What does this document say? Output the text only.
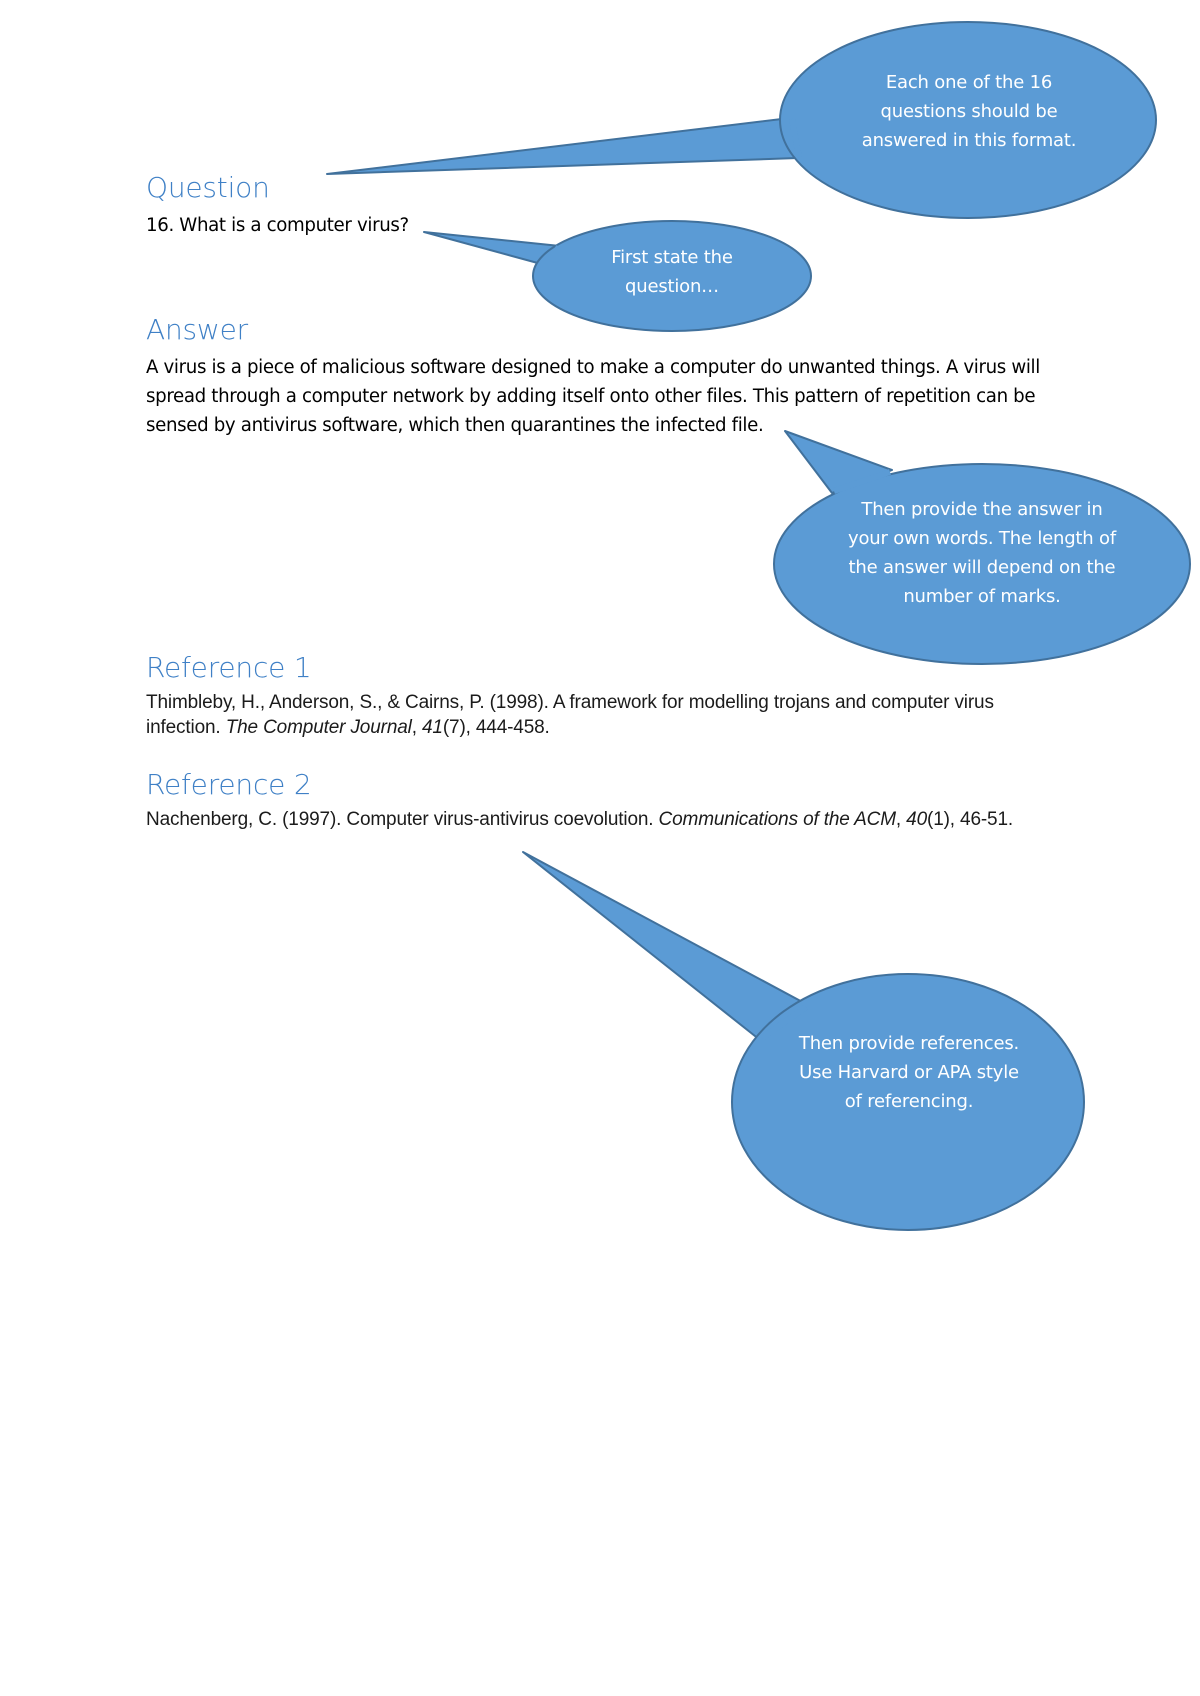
Question

16. What is a computer virus?

Answer

A virus is a piece of malicious software designed to make a computer do unwanted things. A virus will spread through a computer network by adding itself onto other files. This pattern of repetition can be sensed by antivirus software, which then quarantines the infected file.

Reference 1

Thimbleby, H., Anderson, S., & Cairns, P. (1998). A framework for modelling trojans and computer virus infection. The Computer Journal, 41(7), 444-458.

Reference 2

Nachenberg, C. (1997). Computer virus-antivirus coevolution. Communications of the ACM, 40(1), 46-51.

Each one of the 16 questions should be answered in this format.

First state the question…

Then provide the answer in your own words. The length of the answer will depend on the number of marks.

Then provide references. Use Harvard or APA style of referencing.
